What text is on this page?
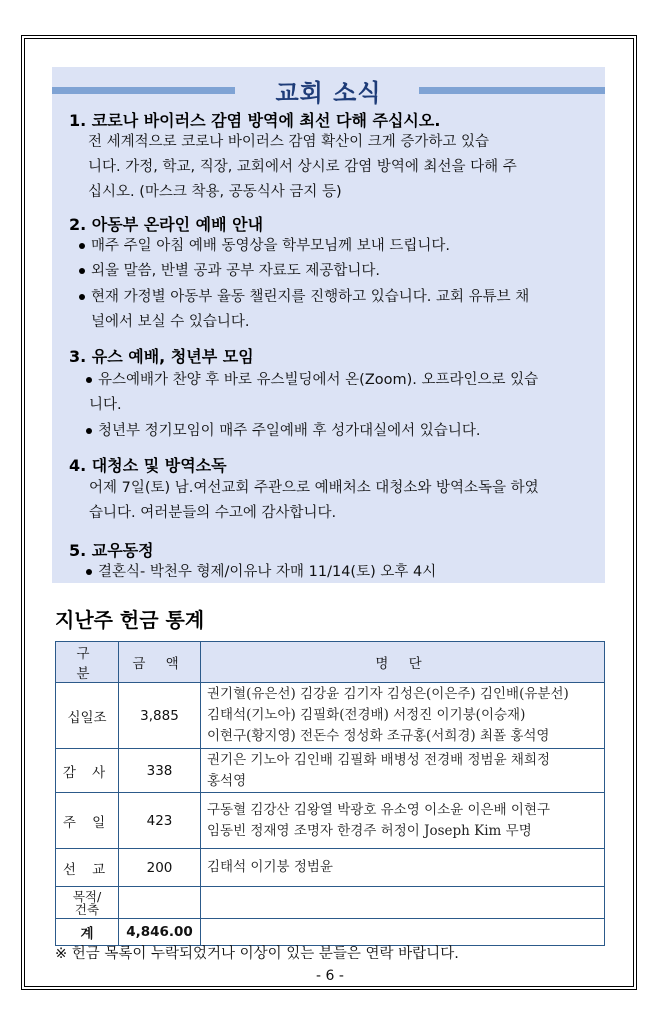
교회 소식
1. 코로나 바이러스 감염 방역에 최선 다해 주십시오.
전 세계적으로 코로나 바이러스 감염 확산이 크게 증가하고 있습
니다. 가정, 학교, 직장, 교회에서 상시로 감염 방역에 최선을 다해 주
십시오. (마스크 착용, 공동식사 금지 등)
2. 아동부 온라인 예배 안내
매주 주일 아침 예배 동영상을 학부모님께 보내 드립니다.
외울 말씀, 반별 공과 공부 자료도 제공합니다.
현재 가정별 아동부 율동 챌린지를 진행하고 있습니다. 교회 유튜브 채
널에서 보실 수 있습니다.
3. 유스 예배, 청년부 모임
유스예배가 찬양 후 바로 유스빌딩에서 온(Zoom). 오프라인으로 있습
니다.
청년부 정기모임이 매주 주일예배 후 성가대실에서 있습니다.
4. 대청소 및 방역소독
어제 7일(토) 남.여선교회 주관으로 예배처소 대청소와 방역소독을 하였
습니다. 여러분들의 수고에 감사합니다.
5. 교우동정
결혼식- 박천우 형제/이유나 자매 11/14(토) 오후 4시
지난주 헌금 통계
구 분	금 액	명 단
십일조	3,885	권기혈(유은선) 김강윤 김기자 김성은(이은주) 김인배(유분선)
김태석(기노아) 김필화(전경배) 서정진 이기붕(이승재)
이현구(황지영) 전돈수 정성화 조규홍(서희경) 최폴 홍석영

감 사	338	권기은 기노아 김인배 김필화 배병성 전경배 정범윤 채희정
홍석영

주 일	423	구동혈 김강산 김왕열 박광호 유소영 이소윤 이은배 이현구
임동빈 정재영 조명자 한경주 허정이 Joseph Kim 무명

선 교	200	김태석 이기붕 정범윤

목적/
건축		

계	4,846.00	
※ 헌금 목록이 누락되었거나 이상이 있는 분들은 연락 바랍니다.
- 6 -
